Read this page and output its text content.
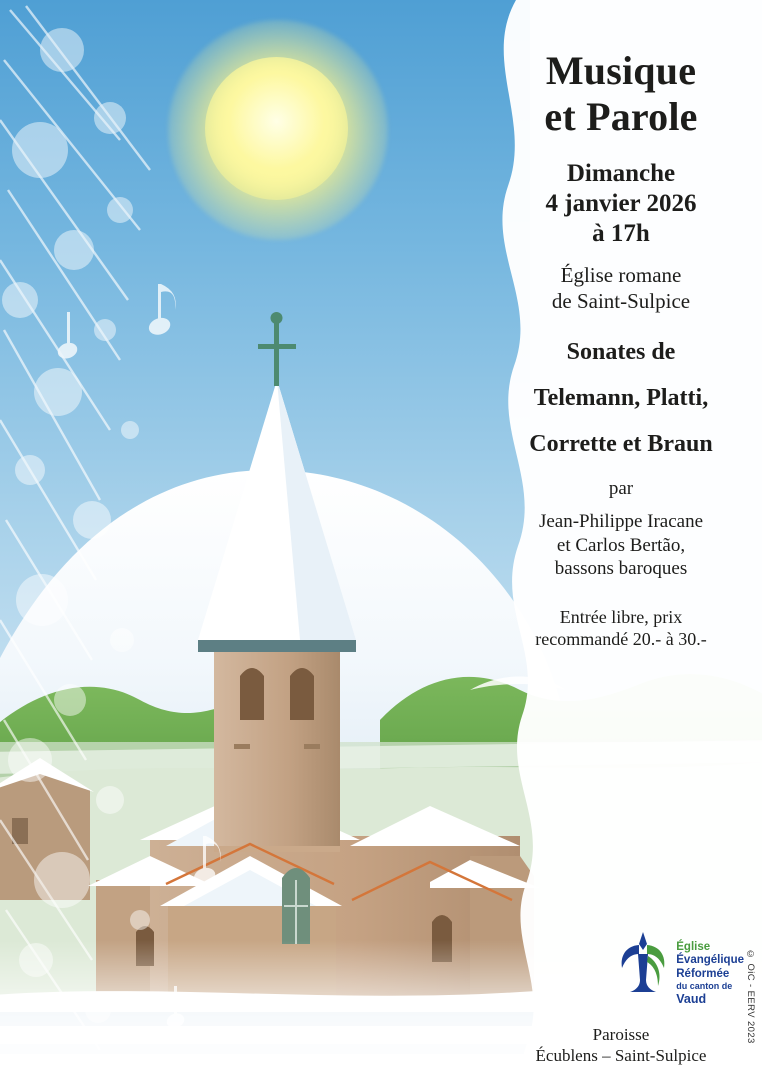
Musique
et Parole
Dimanche
4 janvier 2026
à 17h
Église romane
de Saint-Sulpice
Sonates de
Telemann, Platti,
Corrette et Braun
par
Jean-Philippe Iracane
et Carlos Bertão,
bassons baroques
Entrée libre, prix
recommandé 20.- à 30.-
Église
Évangélique
Réformée
du canton de
Vaud
Paroisse
Écublens – Saint-Sulpice
© OiC - EERV 2023
